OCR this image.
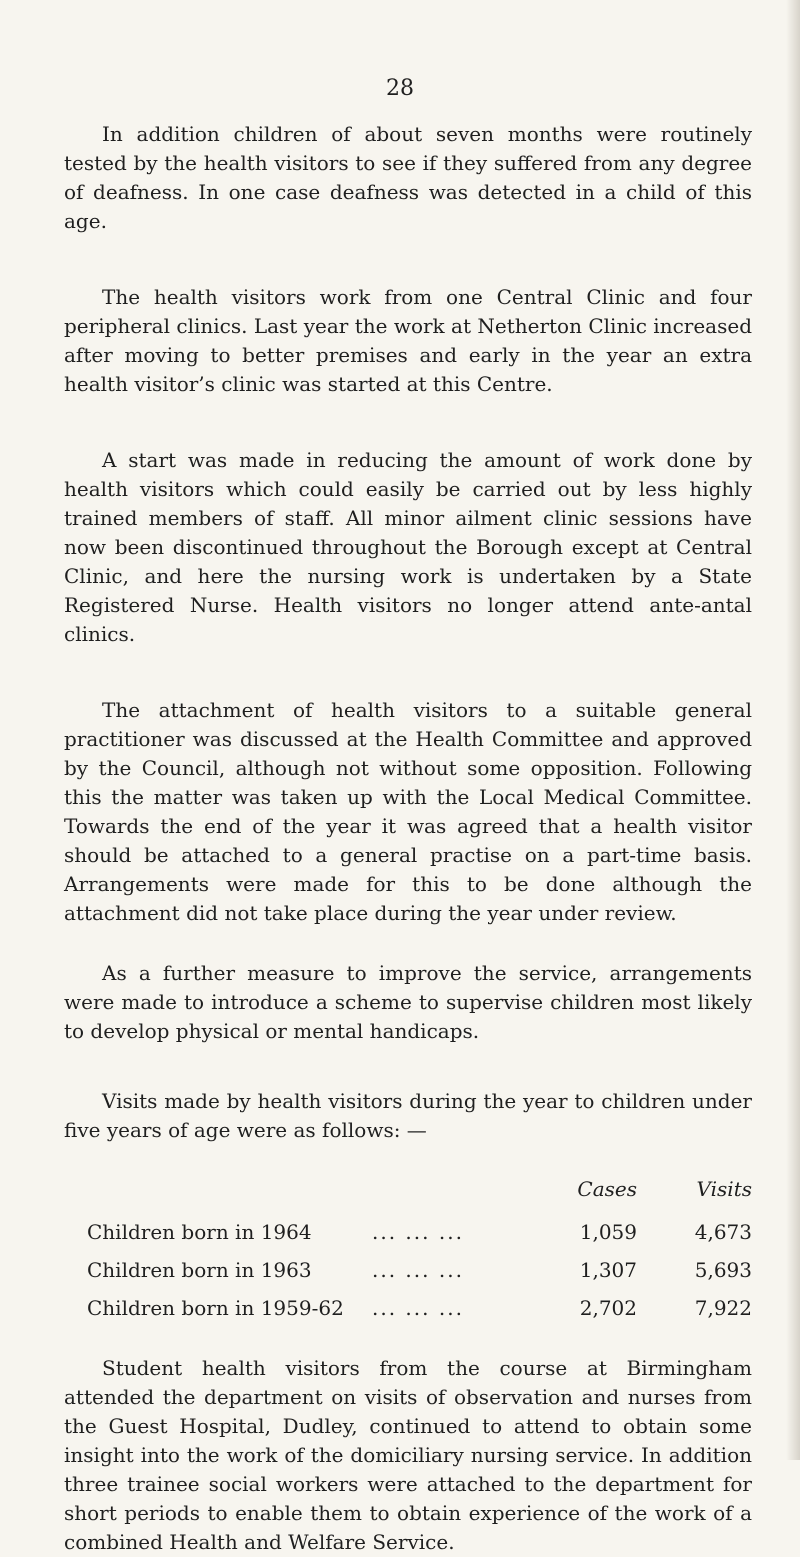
28

In addition children of about seven months were routinely tested by the health visitors to see if they suffered from any degree of deafness. In one case deafness was detected in a child of this age.

The health visitors work from one Central Clinic and four peripheral clinics. Last year the work at Netherton Clinic increased after moving to better premises and early in the year an extra health visitor’s clinic was started at this Centre.

A start was made in reducing the amount of work done by health visitors which could easily be carried out by less highly trained members of staff. All minor ailment clinic sessions have now been discontinued throughout the Borough except at Central Clinic, and here the nursing work is undertaken by a State Registered Nurse. Health visitors no longer attend ante-antal clinics.

The attachment of health visitors to a suitable general practitioner was discussed at the Health Committee and approved by the Council, although not without some opposition. Following this the matter was taken up with the Local Medical Committee. Towards the end of the year it was agreed that a health visitor should be attached to a general practise on a part-time basis. Arrangements were made for this to be done although the attachment did not take place during the year under review.

As a further measure to improve the service, arrangements were made to introduce a scheme to supervise children most likely to develop physical or mental handicaps.

Visits made by health visitors during the year to children under five years of age were as follows: —

Cases	Visits
Children born in 1964	... ... ...	1,059	4,673
Children born in 1963	... ... ...	1,307	5,693
Children born in 1959-62 ... ... ...	2,702	7,922

Student health visitors from the course at Birmingham attended the department on visits of observation and nurses from the Guest Hospital, Dudley, continued to attend to obtain some insight into the work of the domiciliary nursing service. In addition three trainee social workers were attached to the department for short periods to enable them to obtain experience of the work of a combined Health and Welfare Service.
